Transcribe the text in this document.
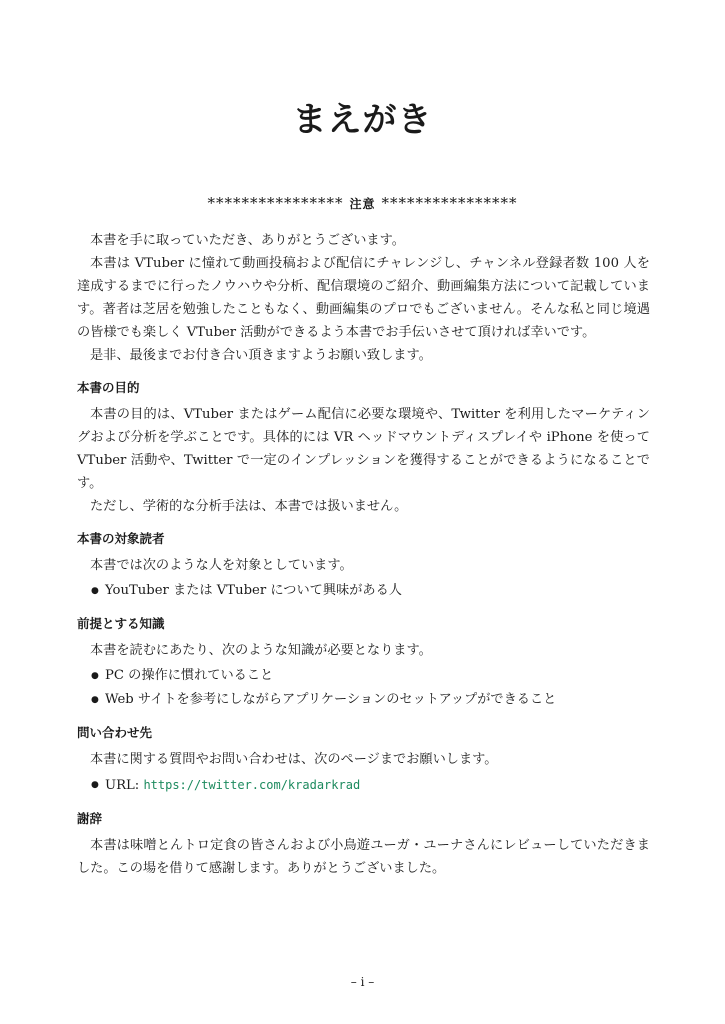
まえがき
**************** 注意 ****************

本書を手に取っていただき、ありがとうございます。

本書は VTuber に憧れて動画投稿および配信にチャレンジし、チャンネル登録者数 100 人を達成するまでに行ったノウハウや分析、配信環境のご紹介、動画編集方法について記載しています。著者は芝居を勉強したこともなく、動画編集のプロでもございません。そんな私と同じ境遇の皆様でも楽しく VTuber 活動ができるよう本書でお手伝いさせて頂ければ幸いです。

是非、最後までお付き合い頂きますようお願い致します。

本書の目的

本書の目的は、VTuber またはゲーム配信に必要な環境や、Twitter を利用したマーケティングおよび分析を学ぶことです。具体的には VR ヘッドマウントディスプレイや iPhone を使って VTuber 活動や、Twitter で一定のインプレッションを獲得することができるようになることです。

ただし、学術的な分析手法は、本書では扱いません。

本書の対象読者

本書では次のような人を対象としています。

● YouTuber または VTuber について興味がある人
前提とする知識

本書を読むにあたり、次のような知識が必要となります。

● PC の操作に慣れていること
● Web サイトを参考にしながらアプリケーションのセットアップができること
問い合わせ先

本書に関する質問やお問い合わせは、次のページまでお願いします。

● URL: https://twitter.com/kradarkrad
謝辞

本書は味噌とんトロ定食の皆さんおよび小鳥遊ユーガ・ユーナさんにレビューしていただきました。この場を借りて感謝します。ありがとうございました。

– i –
